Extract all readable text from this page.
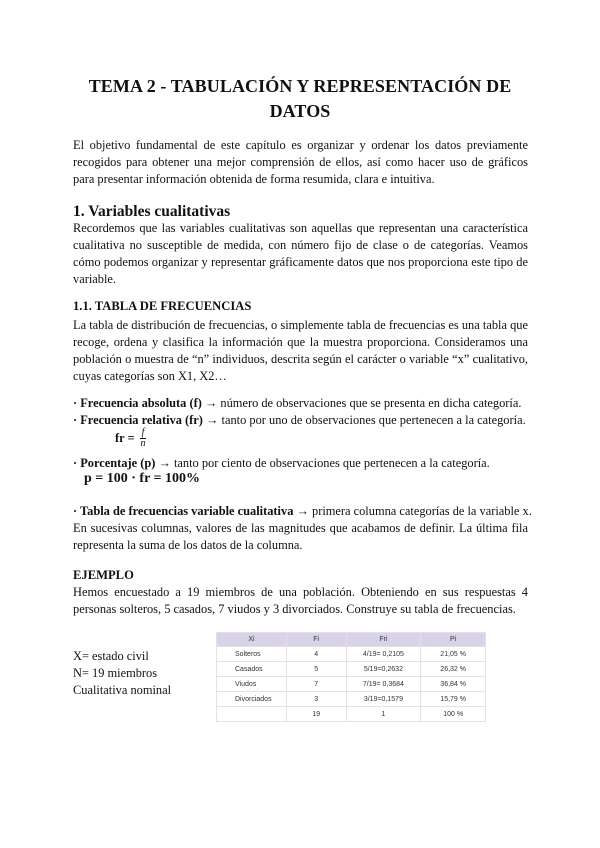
TEMA 2 - TABULACIÓN Y REPRESENTACIÓN DE
DATOS

El objetivo fundamental de este capítulo es organizar y ordenar los datos previamente recogidos para obtener una mejor comprensión de ellos, así como hacer uso de gráficos para presentar información obtenida de forma resumida, clara e intuitiva.

1. Variables cualitativas

Recordemos que las variables cualitativas son aquellas que representan una característica cualitativa no susceptible de medida, con número fijo de clase o de categorías. Veamos cómo podemos organizar y representar gráficamente datos que nos proporciona este tipo de variable.

1.1. TABLA DE FRECUENCIAS

La tabla de distribución de frecuencias, o simplemente tabla de frecuencias es una tabla que recoge, ordena y clasifica la información que la muestra proporciona. Consideramos una población o muestra de “n” individuos, descrita según el carácter o variable “x” cualitativo, cuyas categorías son X1, X2…

· Frecuencia absoluta (f) → número de observaciones que se presenta en dicha categoría.
· Frecuencia relativa (fr) → tanto por uno de observaciones que pertenecen a la categoría.
fr = $\frac{f}{n}$
· Porcentaje (p) → tanto por ciento de observaciones que pertenecen a la categoría.
p = 100 · fr = 100%
· Tabla de frecuencias variable cualitativa → primera columna categorías de la variable x.

En sucesivas columnas, valores de las magnitudes que acabamos de definir. La última fila representa la suma de los datos de la columna.

EJEMPLO

Hemos encuestado a 19 miembros de una población. Obteniendo en sus respuestas 4 personas solteros, 5 casados, 7 viudos y 3 divorciados. Construye su tabla de frecuencias.

X= estado civil
N= 19 miembros
Cualitativa nominal
Xi	Fi	Fri	Pi
Solteros	4	4/19= 0,2105	21,05 %
Casados	5	5/19=0,2632	26,32 %
Viudos	7	7/19= 0,3684	36,84 %
Divorciados	3	3/19=0,1579	15,79 %
	19	1	100 %
